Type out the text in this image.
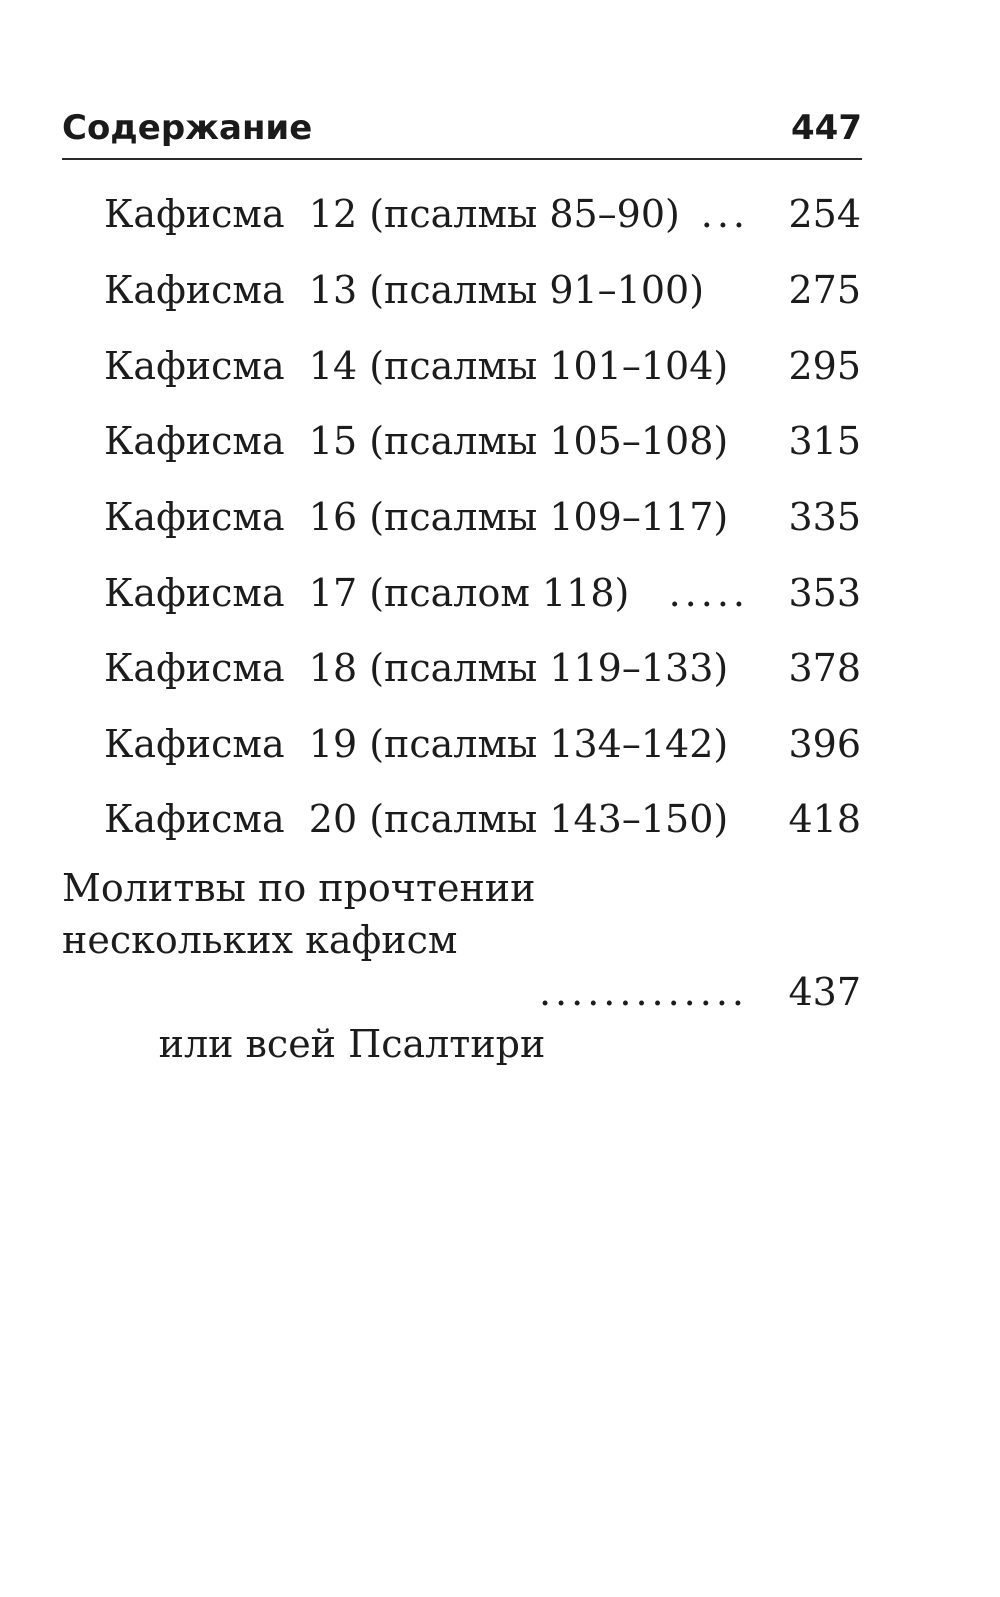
Содержание	447

Кафисма  12 (псалмы 85–90)

...

254

Кафисма  13 (псалмы 91–100)

275

Кафисма  14 (псалмы 101–104)

295

Кафисма  15 (псалмы 105–108)

315

Кафисма  16 (псалмы 109–117)

335

Кафисма  17 (псалом 118)

	.....

353

Кафисма  18 (псалмы 119–133)

378

Кафисма  19 (псалмы 134–142)

396

Кафисма  20 (псалмы 143–150)

418

Молитвы по прочтении
нескольких кафисм

или всей Псалтири

.............

437
